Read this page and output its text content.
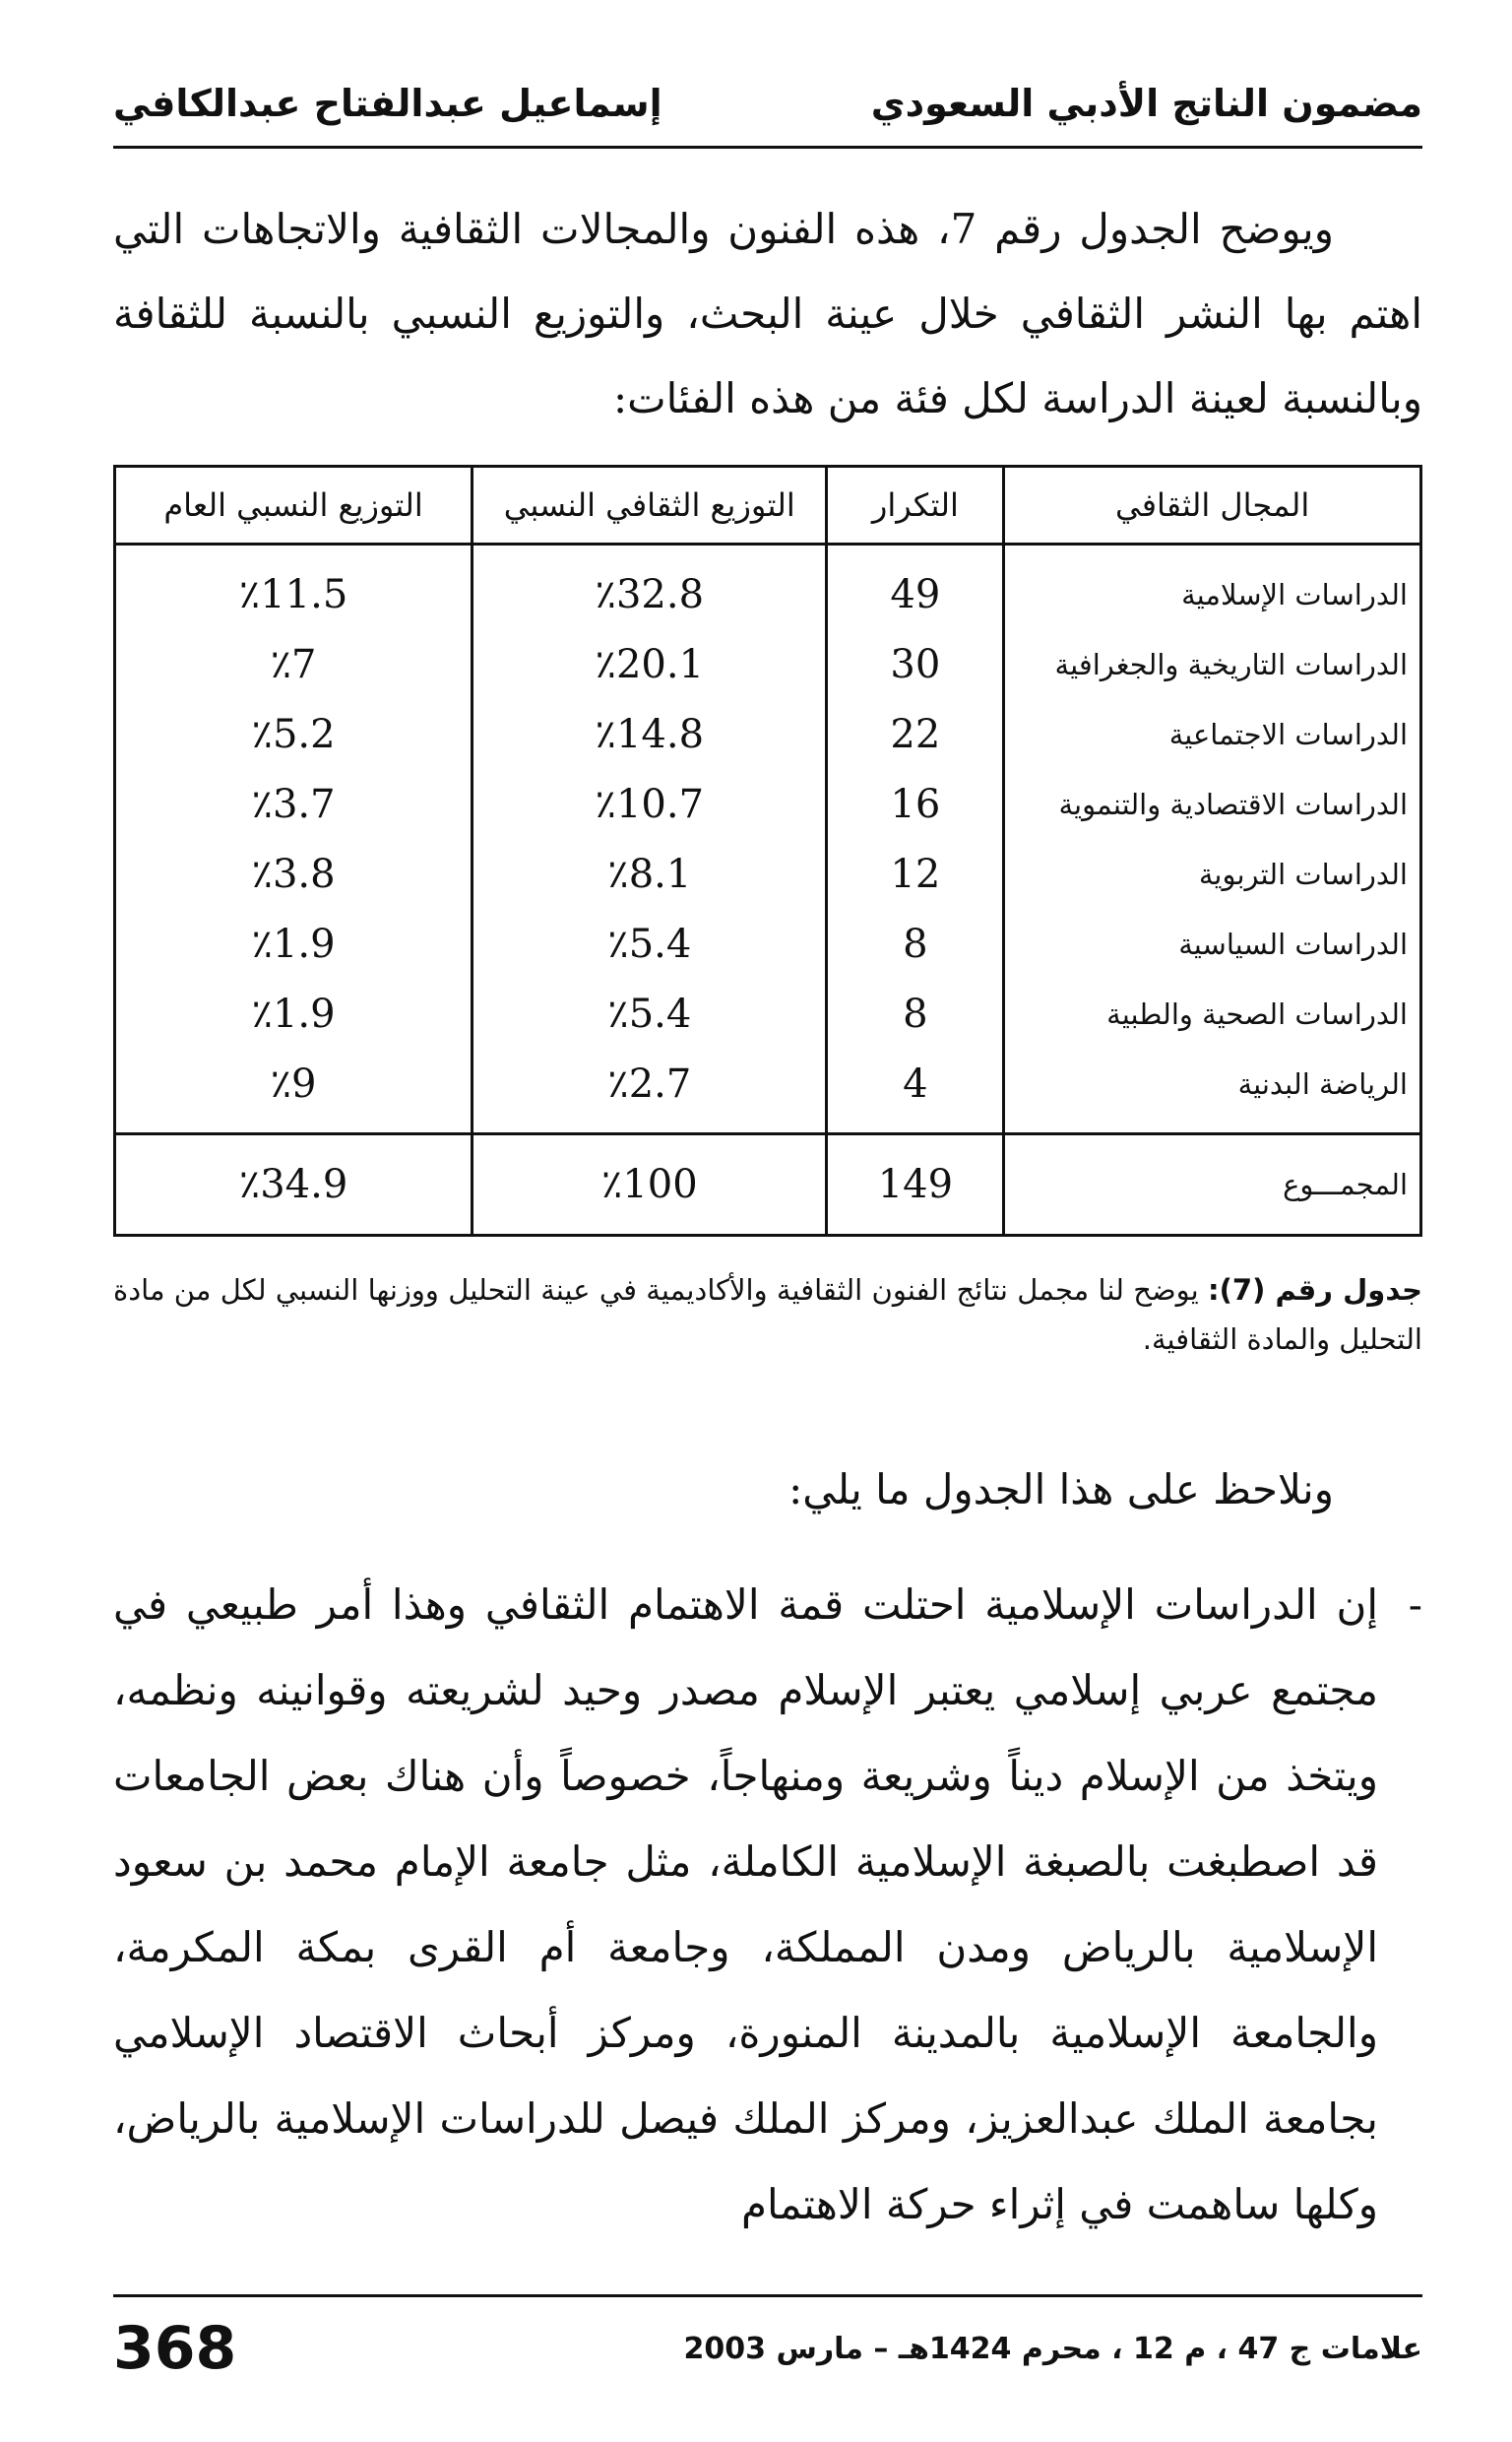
مضمون الناتج الأدبي السعودي
إسماعيل عبدالفتاح عبدالكافي

ويوضح الجدول رقم 7، هذه الفنون والمجالات الثقافية والاتجاهات التي اهتم بها النشر الثقافي خلال عينة البحث، والتوزيع النسبي بالنسبة للثقافة وبالنسبة لعينة الدراسة لكل فئة من هذه الفئات:

المجال الثقافي	التكرار	التوزيع الثقافي النسبي	التوزيع النسبي العام
الدراسات الإسلامية	49	٪32.8	٪11.5
الدراسات التاريخية والجغرافية	30	٪20.1	٪7
الدراسات الاجتماعية	22	٪14.8	٪5.2
الدراسات الاقتصادية والتنموية	16	٪10.7	٪3.7
الدراسات التربوية	12	٪8.1	٪3.8
الدراسات السياسية	8	٪5.4	٪1.9
الدراسات الصحية والطبية	8	٪5.4	٪1.9
الرياضة البدنية	4	٪2.7	٪9
المجمـــوع	149	٪100	٪34.9

جدول رقم (7): يوضح لنا مجمل نتائج الفنون الثقافية والأكاديمية في عينة التحليل ووزنها النسبي لكل من مادة التحليل والمادة الثقافية.

ونلاحظ على هذا الجدول ما يلي:

-
إن الدراسات الإسلامية احتلت قمة الاهتمام الثقافي وهذا أمر طبيعي في مجتمع عربي إسلامي يعتبر الإسلام مصدر وحيد لشريعته وقوانينه ونظمه، ويتخذ من الإسلام ديناً وشريعة ومنهاجاً، خصوصاً وأن هناك بعض الجامعات قد اصطبغت بالصبغة الإسلامية الكاملة، مثل جامعة الإمام محمد بن سعود الإسلامية بالرياض ومدن المملكة، وجامعة أم القرى بمكة المكرمة، والجامعة الإسلامية بالمدينة المنورة، ومركز أبحاث الاقتصاد الإسلامي بجامعة الملك عبدالعزيز، ومركز الملك فيصل للدراسات الإسلامية بالرياض، وكلها ساهمت في إثراء حركة الاهتمام
علامات ج 47 ، م 12 ، محرم 1424هـ – مارس 2003
368
